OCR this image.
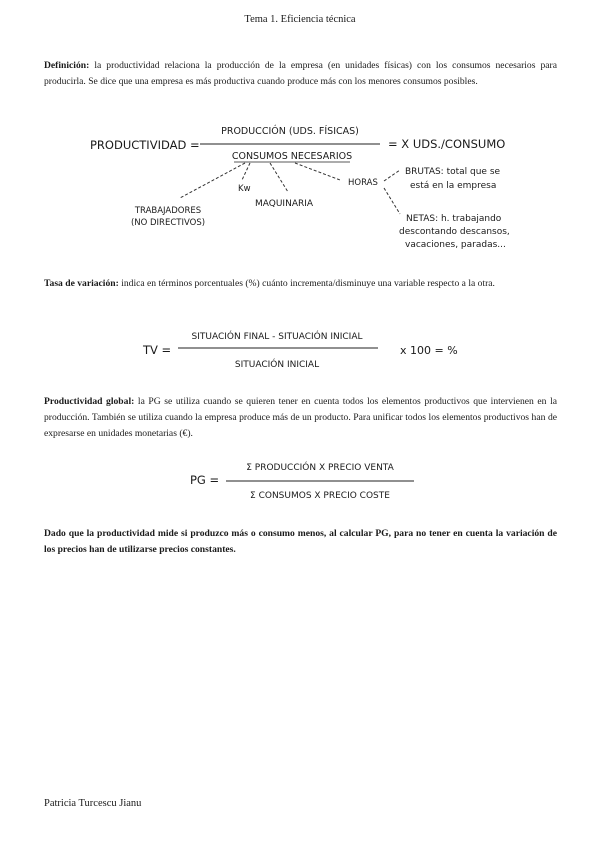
Tema 1. Eficiencia técnica
Definición: la productividad relaciona la producción de la empresa (en unidades físicas) con los consumos necesarios para producirla. Se dice que una empresa es más productiva cuando produce más con los menores consumos posibles.
PRODUCTIVIDAD =
PRODUCCIÓN (UDS. FÍSICAS)
CONSUMOS NECESARIOS
= X UDS./CONSUMO
Kw
MAQUINARIA
TRABAJADORES
(NO DIRECTIVOS)
HORAS
BRUTAS: total que se
está en la empresa
NETAS: h. trabajando
descontando descansos,
vacaciones, paradas...
Tasa de variación: indica en términos porcentuales (%) cuánto incrementa/disminuye una variable respecto a la otra.
TV =
SITUACIÓN FINAL - SITUACIÓN INICIAL
SITUACIÓN INICIAL
x 100 = %
Productividad global: la PG se utiliza cuando se quieren tener en cuenta todos los elementos productivos que intervienen en la producción. También se utiliza cuando la empresa produce más de un producto. Para unificar todos los elementos productivos han de expresarse en unidades monetarias (€).
PG =
Σ PRODUCCIÓN X PRECIO VENTA
Σ CONSUMOS X PRECIO COSTE
Dado que la productividad mide si produzco más o consumo menos, al calcular PG, para no tener en cuenta la variación de los precios han de utilizarse precios constantes.
Patricia Turcescu Jianu
